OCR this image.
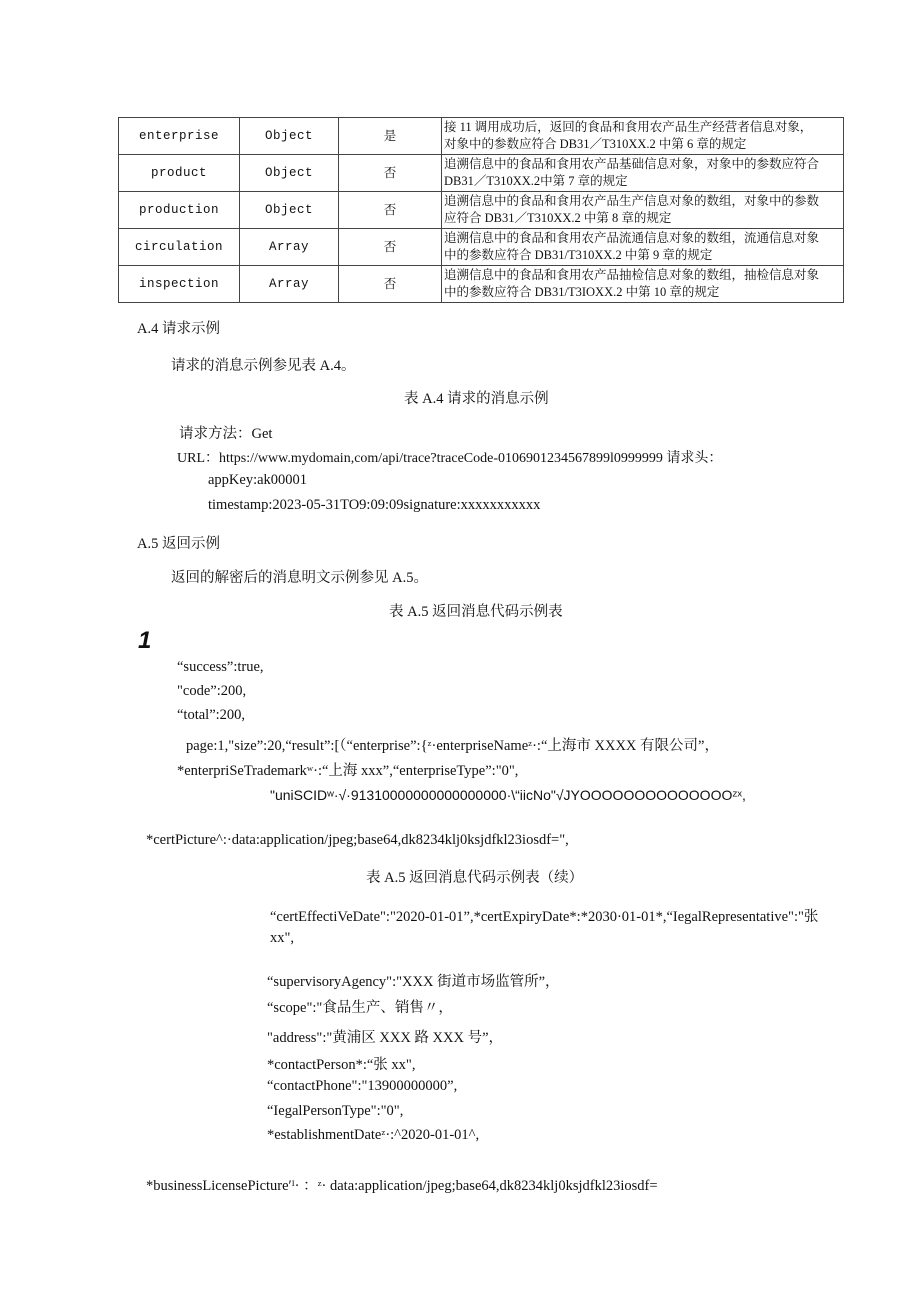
enterprise	Object	是	接 11 调用成功后，返回的食品和食用农产品生产经营者信息对象，
对象中的参数应符合 DB31／T310XX.2 中第 6 章的规定

product	Object	否	追溯信息中的食品和食用农产品基础信息对象，对象中的参数应符合
DB31／T310XX.2中第 7 章的规定

production	Object	否	追溯信息中的食品和食用农产品生产信息对象的数组，对象中的参数
应符合 DB31／T310XX.2 中第 8 章的规定

circulation	Array	否	追溯信息中的食品和食用农产品流通信息对象的数组，流通信息对象
中的参数应符合 DB31/T310XX.2 中第 9 章的规定

inspection	Array	否	追溯信息中的食品和食用农产品抽检信息对象的数组，抽检信息对象
中的参数应符合 DB31/T3IOXX.2 中第 10 章的规定
A.4 请求示例
请求的消息示例参见表 A.4。
表 A.4 请求的消息示例
请求方法：Get
URL：https://www.mydomain,com/api/trace?traceCode-0106901234567899l0999999 请求头：
appKey:ak00001
timestamp:2023-05-31TO9:09:09signature:xxxxxxxxxxx
A.5 返回示例
返回的解密后的消息明文示例参见 A.5。
表 A.5 返回消息代码示例表
1
“success”:true,
"code”:200,
“total”:200,
page:1,"size”:20,“result”:[（“enterprise”:{ᶻ·enterpriseNameᶻ·:“上海市 XXXX 有限公司”，
*enterpriSeTrademarkʷ·:“上海 xxx”,“enterpriseType”:"0",
"uniSCIDʷ·√·91310000000000000000·\“iicNo"√JYOOOOOOOOOOOOOOᶻˣ,
*certPicture^:·data:application/jpeg;base64,dk8234klj0ksjdfkl23iosdf=",
表 A.5 返回消息代码示例表（续）
“certEffectiVeDate":"2020-01-01”,*certExpiryDate*:*2030·01-01*,“IegalRepresentative":"张
xx",
“supervisoryAgency":"XXX 街道市场监管所”，
“scope":"食品生产、销售〃，
"address":"黄浦区 XXX 路 XXX 号”，
*contactPerson*:“张 xx",
“contactPhone":"13900000000”,
“IegalPersonType":"0",
*establishmentDateᶻ·:^2020-01-01^,
*businessLicensePicture′ᴵ· ：ᶻ· data:application/jpeg;base64,dk8234klj0ksjdfkl23iosdf=
